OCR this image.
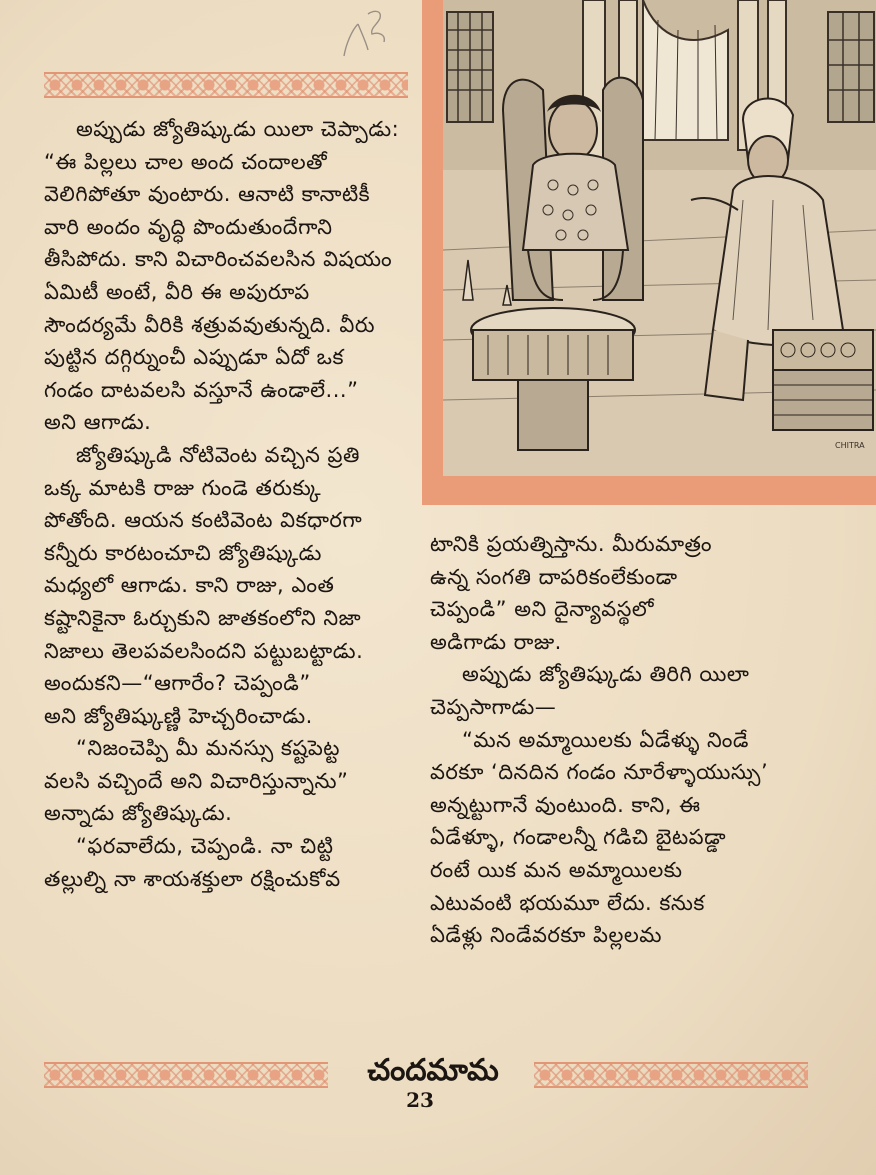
CHITRA

అప్పుడు జ్యోతిష్కుడు యిలా చెప్పాడు:

“ఈ పిల్లలు చాల అంద చందాలతో

వెలిగిపోతూ వుంటారు. ఆనాటి కానాటికీ

వారి అందం వృద్ధి పొందుతుందేగాని

తీసిపోదు. కాని విచారించవలసిన విషయం

ఏమిటీ అంటే, వీరి ఈ అపురూప

సౌందర్యమే వీరికి శత్రువవుతున్నది. వీరు

పుట్టిన దగ్గిర్నుంచీ ఎప్పుడూ ఏదో ఒక

గండం దాటవలసి వస్తూనే ఉండాలే...”

అని ఆగాడు.

జ్యోతిష్కుడి నోటివెంట వచ్చిన ప్రతి

ఒక్క మాటకి రాజు గుండె తరుక్కు

పోతోంది. ఆయన కంటివెంట వికధారగా

కన్నీరు కారటంచూచి జ్యోతిష్కుడు

మధ్యలో ఆగాడు. కాని రాజు, ఎంత

కష్టానికైనా ఓర్చుకుని జాతకంలోని నిజా

నిజాలు తెలపవలసిందని పట్టుబట్టాడు.

అందుకని—“ఆగారేం? చెప్పండి”

అని జ్యోతిష్కుణ్ణి హెచ్చరించాడు.

“నిజంచెప్పి మీ మనస్సు కష్టపెట్ట

వలసి వచ్చిందే అని విచారిస్తున్నాను”

అన్నాడు జ్యోతిష్కుడు.

“ఫరవాలేదు, చెప్పండి. నా చిట్టి

తల్లుల్ని నా శాయశక్తులా రక్షించుకోవ

టానికి ప్రయత్నిస్తాను. మీరుమాత్రం

ఉన్న సంగతి దాపరికంలేకుండా

చెప్పండి” అని దైన్యావస్థలో

అడిగాడు రాజు.

అప్పుడు జ్యోతిష్కుడు తిరిగి యిలా

చెప్పసాగాడు—

“మన అమ్మాయిలకు ఏడేళ్ళు నిండే

వరకూ ‘దినదిన గండం నూరేళ్ళాయుస్సు’

అన్నట్టుగానే వుంటుంది. కాని, ఈ

ఏడేళ్ళూ, గండాలన్నీ గడిచి బైటపడ్డా

రంటే యిక మన అమ్మాయిలకు

ఎటువంటి భయమూ లేదు. కనుక

ఏడేళ్లు నిండేవరకూ పిల్లలమ

చందమామ
23
